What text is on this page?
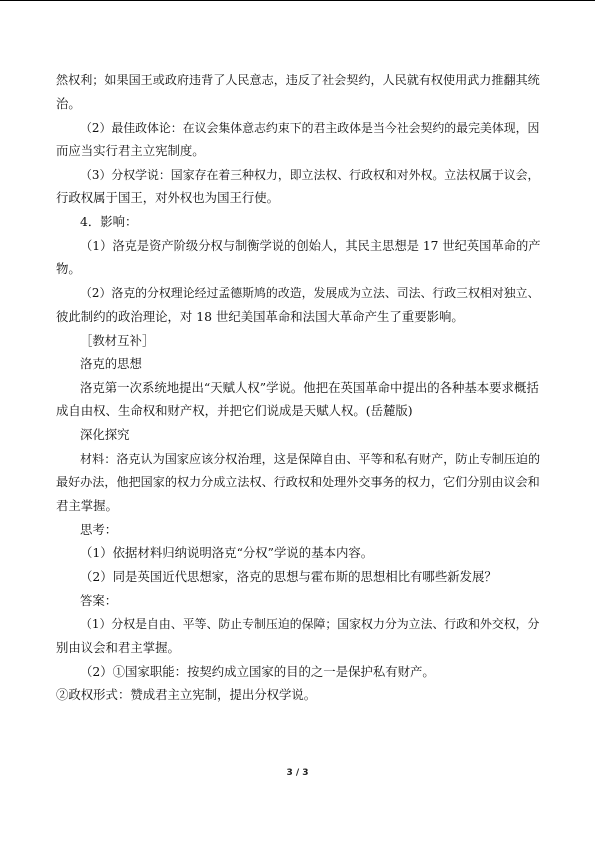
然权利；如果国王或政府违背了人民意志，违反了社会契约，人民就有权使用武力推翻其统
治。
（2）最佳政体论：在议会集体意志约束下的君主政体是当今社会契约的最完美体现，因
而应当实行君主立宪制度。
（3）分权学说：国家存在着三种权力，即立法权、行政权和对外权。立法权属于议会，
行政权属于国王，对外权也为国王行使。
4．影响：
（1）洛克是资产阶级分权与制衡学说的创始人，其民主思想是 17 世纪英国革命的产
物。
（2）洛克的分权理论经过孟德斯鸠的改造，发展成为立法、司法、行政三权相对独立、
彼此制约的政治理论，对 18 世纪美国革命和法国大革命产生了重要影响。
［教材互补］
洛克的思想
洛克第一次系统地提出“天赋人权”学说。他把在英国革命中提出的各种基本要求概括
成自由权、生命权和财产权，并把它们说成是天赋人权。(岳麓版)
深化探究
材料：洛克认为国家应该分权治理，这是保障自由、平等和私有财产，防止专制压迫的
最好办法，他把国家的权力分成立法权、行政权和处理外交事务的权力，它们分别由议会和
君主掌握。
思考：
（1）依据材料归纳说明洛克“分权”学说的基本内容。
（2）同是英国近代思想家，洛克的思想与霍布斯的思想相比有哪些新发展？
答案：
（1）分权是自由、平等、防止专制压迫的保障；国家权力分为立法、行政和外交权，分
别由议会和君主掌握。
（2）①国家职能：按契约成立国家的目的之一是保护私有财产。
②政权形式：赞成君主立宪制，提出分权学说。
3 / 3
